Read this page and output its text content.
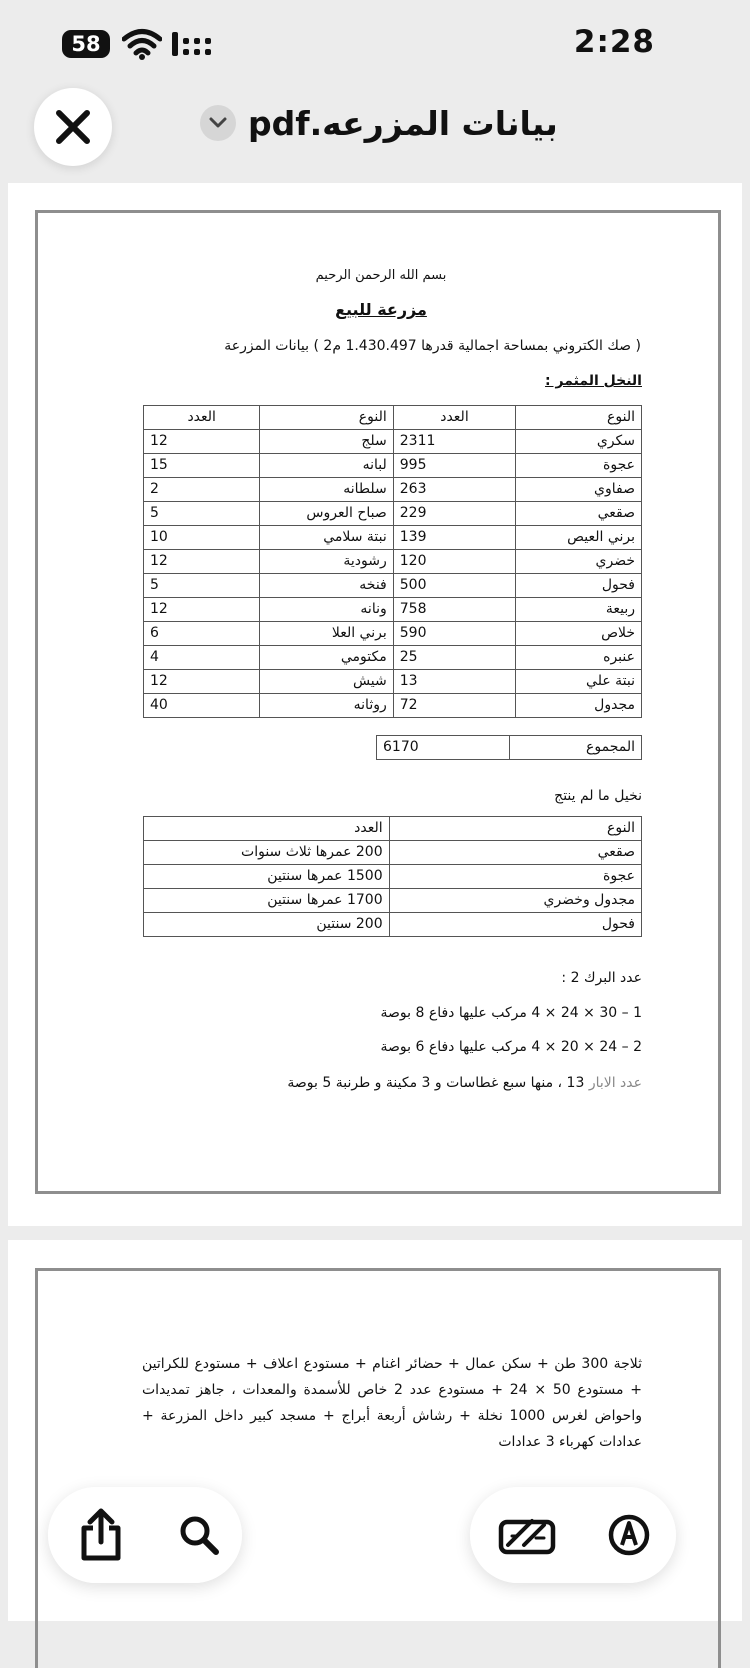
58	2:28
بيانات المزرعه.pdf
بسم الله الرحمن الرحيم
مزرعة للبيع
( صك الكتروني بمساحة اجمالية قدرها 1.430.497 م2 ) بيانات المزرعة
النخل المثمر :
النوع	العدد	النوع	العدد
سكري	2311	سلج	12
عجوة	995	لبانه	15
صفاوي	263	سلطانه	2
صقعي	229	صباح العروس	5
برني العيص	139	نبتة سلامي	10
خضري	120	رشودية	12
فحول	500	فنخه	5
ربيعة	758	ونانه	12
خلاص	590	برني العلا	6
عنبره	25	مكتومي	4
نبتة علي	13	شيش	12
مجدول	72	روثانه	40
المجموع	6170
نخيل ما لم ينتج
النوع	العدد
صقعي	200 عمرها ثلاث سنوات
عجوة	1500 عمرها سنتين
مجدول وخضري	1700 عمرها سنتين
فحول	200 سنتين
عدد البرك 2 :
1 – 30 × 24 × 4 مركب عليها دفاع 8 بوصة
2 – 24 × 20 × 4 مركب عليها دفاع 6 بوصة
عدد الابار 13 ، منها سبع غطاسات و 3 مكينة و طرنبة 5 بوصة
ثلاجة 300 طن + سكن عمال + حضائر اغنام + مستودع اعلاف + مستودع للكراتين + مستودع 50 × 24 + مستودع عدد 2 خاص للأسمدة والمعدات ، جاهز تمديدات واحواض لغرس 1000 نخلة + رشاش أربعة أبراج + مسجد كبير داخل المزرعة + عدادات كهرباء 3 عدادات
